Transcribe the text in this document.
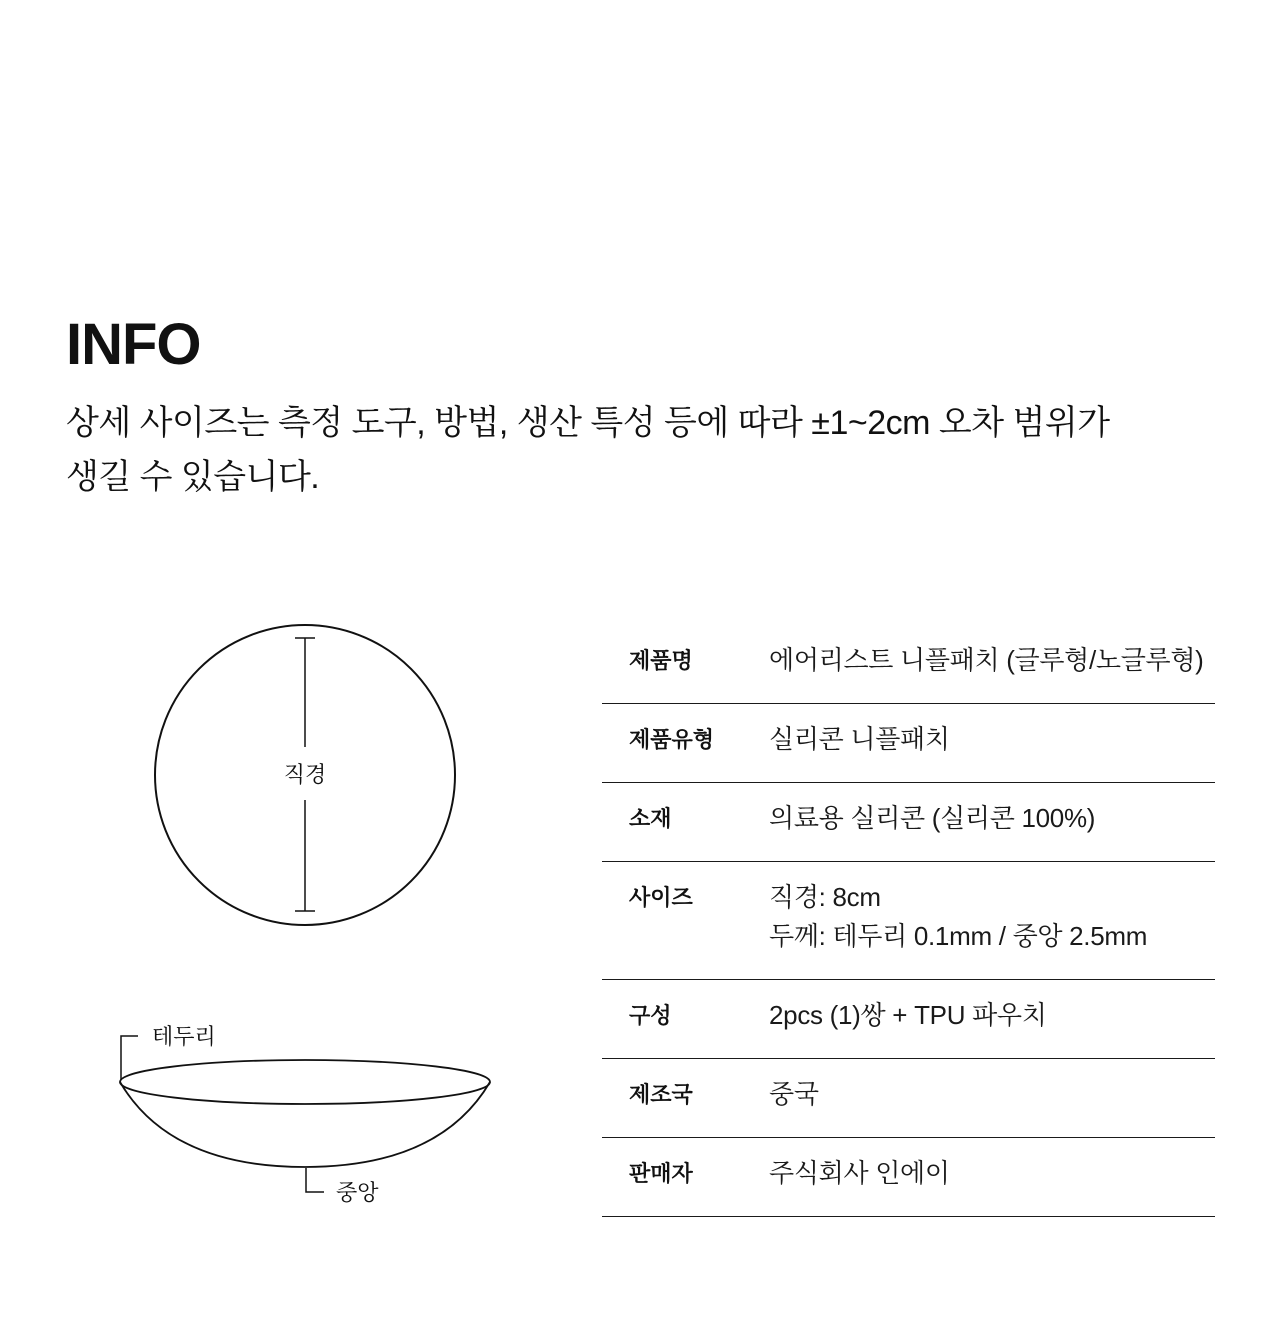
INFO

상세 사이즈는 측정 도구, 방법, 생산 특성 등에 따라 ±1~2cm 오차 범위가
생길 수 있습니다.

직경
테두리
중앙
제품명	에어리스트 니플패치 (글루형/노글루형)
제품유형	실리콘 니플패치
소재	의료용 실리콘 (실리콘 100%)
사이즈	직경: 8cm
두께: 테두리 0.1mm / 중앙 2.5mm
구성	2pcs (1)쌍 + TPU 파우치
제조국	중국
판매자	주식회사 인에이
